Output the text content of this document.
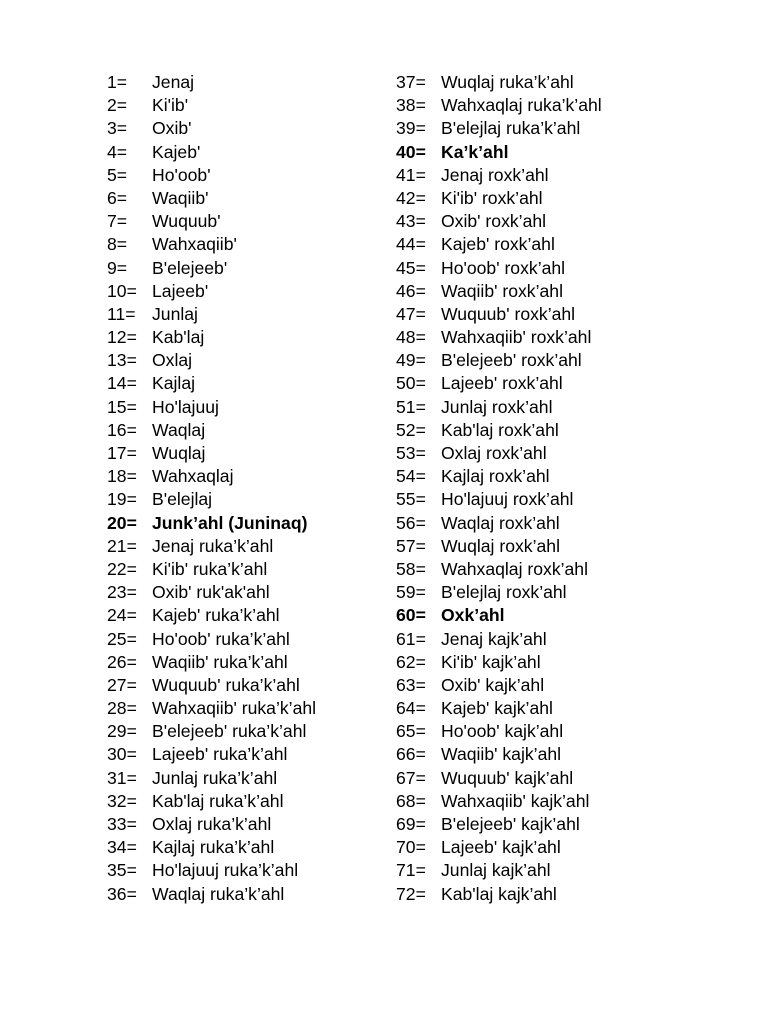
1=	Jenaj
2=	Ki'ib'
3=	Oxib'
4=	Kajeb'
5=	Ho'oob'
6=	Waqiib'
7=	Wuquub'
8=	Wahxaqiib'
9=	B'elejeeb'
10= Lajeeb'
11= Junlaj
12= Kab'laj
13= Oxlaj
14= Kajlaj
15= Ho'lajuuj
16= Waqlaj
17= Wuqlaj
18= Wahxaqlaj
19= B'elejlaj
20= Junk’ahl (Juninaq)
21= Jenaj ruka’k’ahl
22= Ki'ib' ruka’k’ahl
23= Oxib' ruk'ak'ahl
24= Kajeb' ruka’k’ahl
25= Ho'oob' ruka’k’ahl
26= Waqiib' ruka’k’ahl
27= Wuquub' ruka’k’ahl
28= Wahxaqiib' ruka’k’ahl
29= B'elejeeb' ruka’k’ahl
30= Lajeeb' ruka’k’ahl
31= Junlaj ruka’k’ahl
32= Kab'laj ruka’k’ahl
33= Oxlaj ruka’k’ahl
34= Kajlaj ruka’k’ahl
35= Ho'lajuuj ruka’k’ahl
36= Waqlaj ruka’k’ahl
37= Wuqlaj ruka’k’ahl
38= Wahxaqlaj ruka’k’ahl
39= B'elejlaj ruka’k’ahl
40= Ka’k’ahl
41= Jenaj roxk’ahl
42= Ki'ib' roxk’ahl
43= Oxib' roxk’ahl
44= Kajeb' roxk’ahl
45= Ho'oob' roxk’ahl
46= Waqiib' roxk’ahl
47= Wuquub' roxk’ahl
48= Wahxaqiib' roxk’ahl
49= B'elejeeb' roxk’ahl
50= Lajeeb' roxk’ahl
51= Junlaj roxk’ahl
52= Kab'laj roxk’ahl
53= Oxlaj roxk’ahl
54= Kajlaj roxk’ahl
55= Ho'lajuuj roxk’ahl
56= Waqlaj roxk’ahl
57= Wuqlaj roxk’ahl
58= Wahxaqlaj roxk’ahl
59= B'elejlaj roxk’ahl
60= Oxk’ahl
61= Jenaj kajk’ahl
62= Ki'ib' kajk’ahl
63= Oxib' kajk’ahl
64= Kajeb' kajk’ahl
65= Ho'oob' kajk’ahl
66= Waqiib' kajk’ahl
67= Wuquub' kajk’ahl
68= Wahxaqiib' kajk’ahl
69= B'elejeeb' kajk’ahl
70= Lajeeb' kajk’ahl
71= Junlaj kajk’ahl
72= Kab'laj kajk’ahl
